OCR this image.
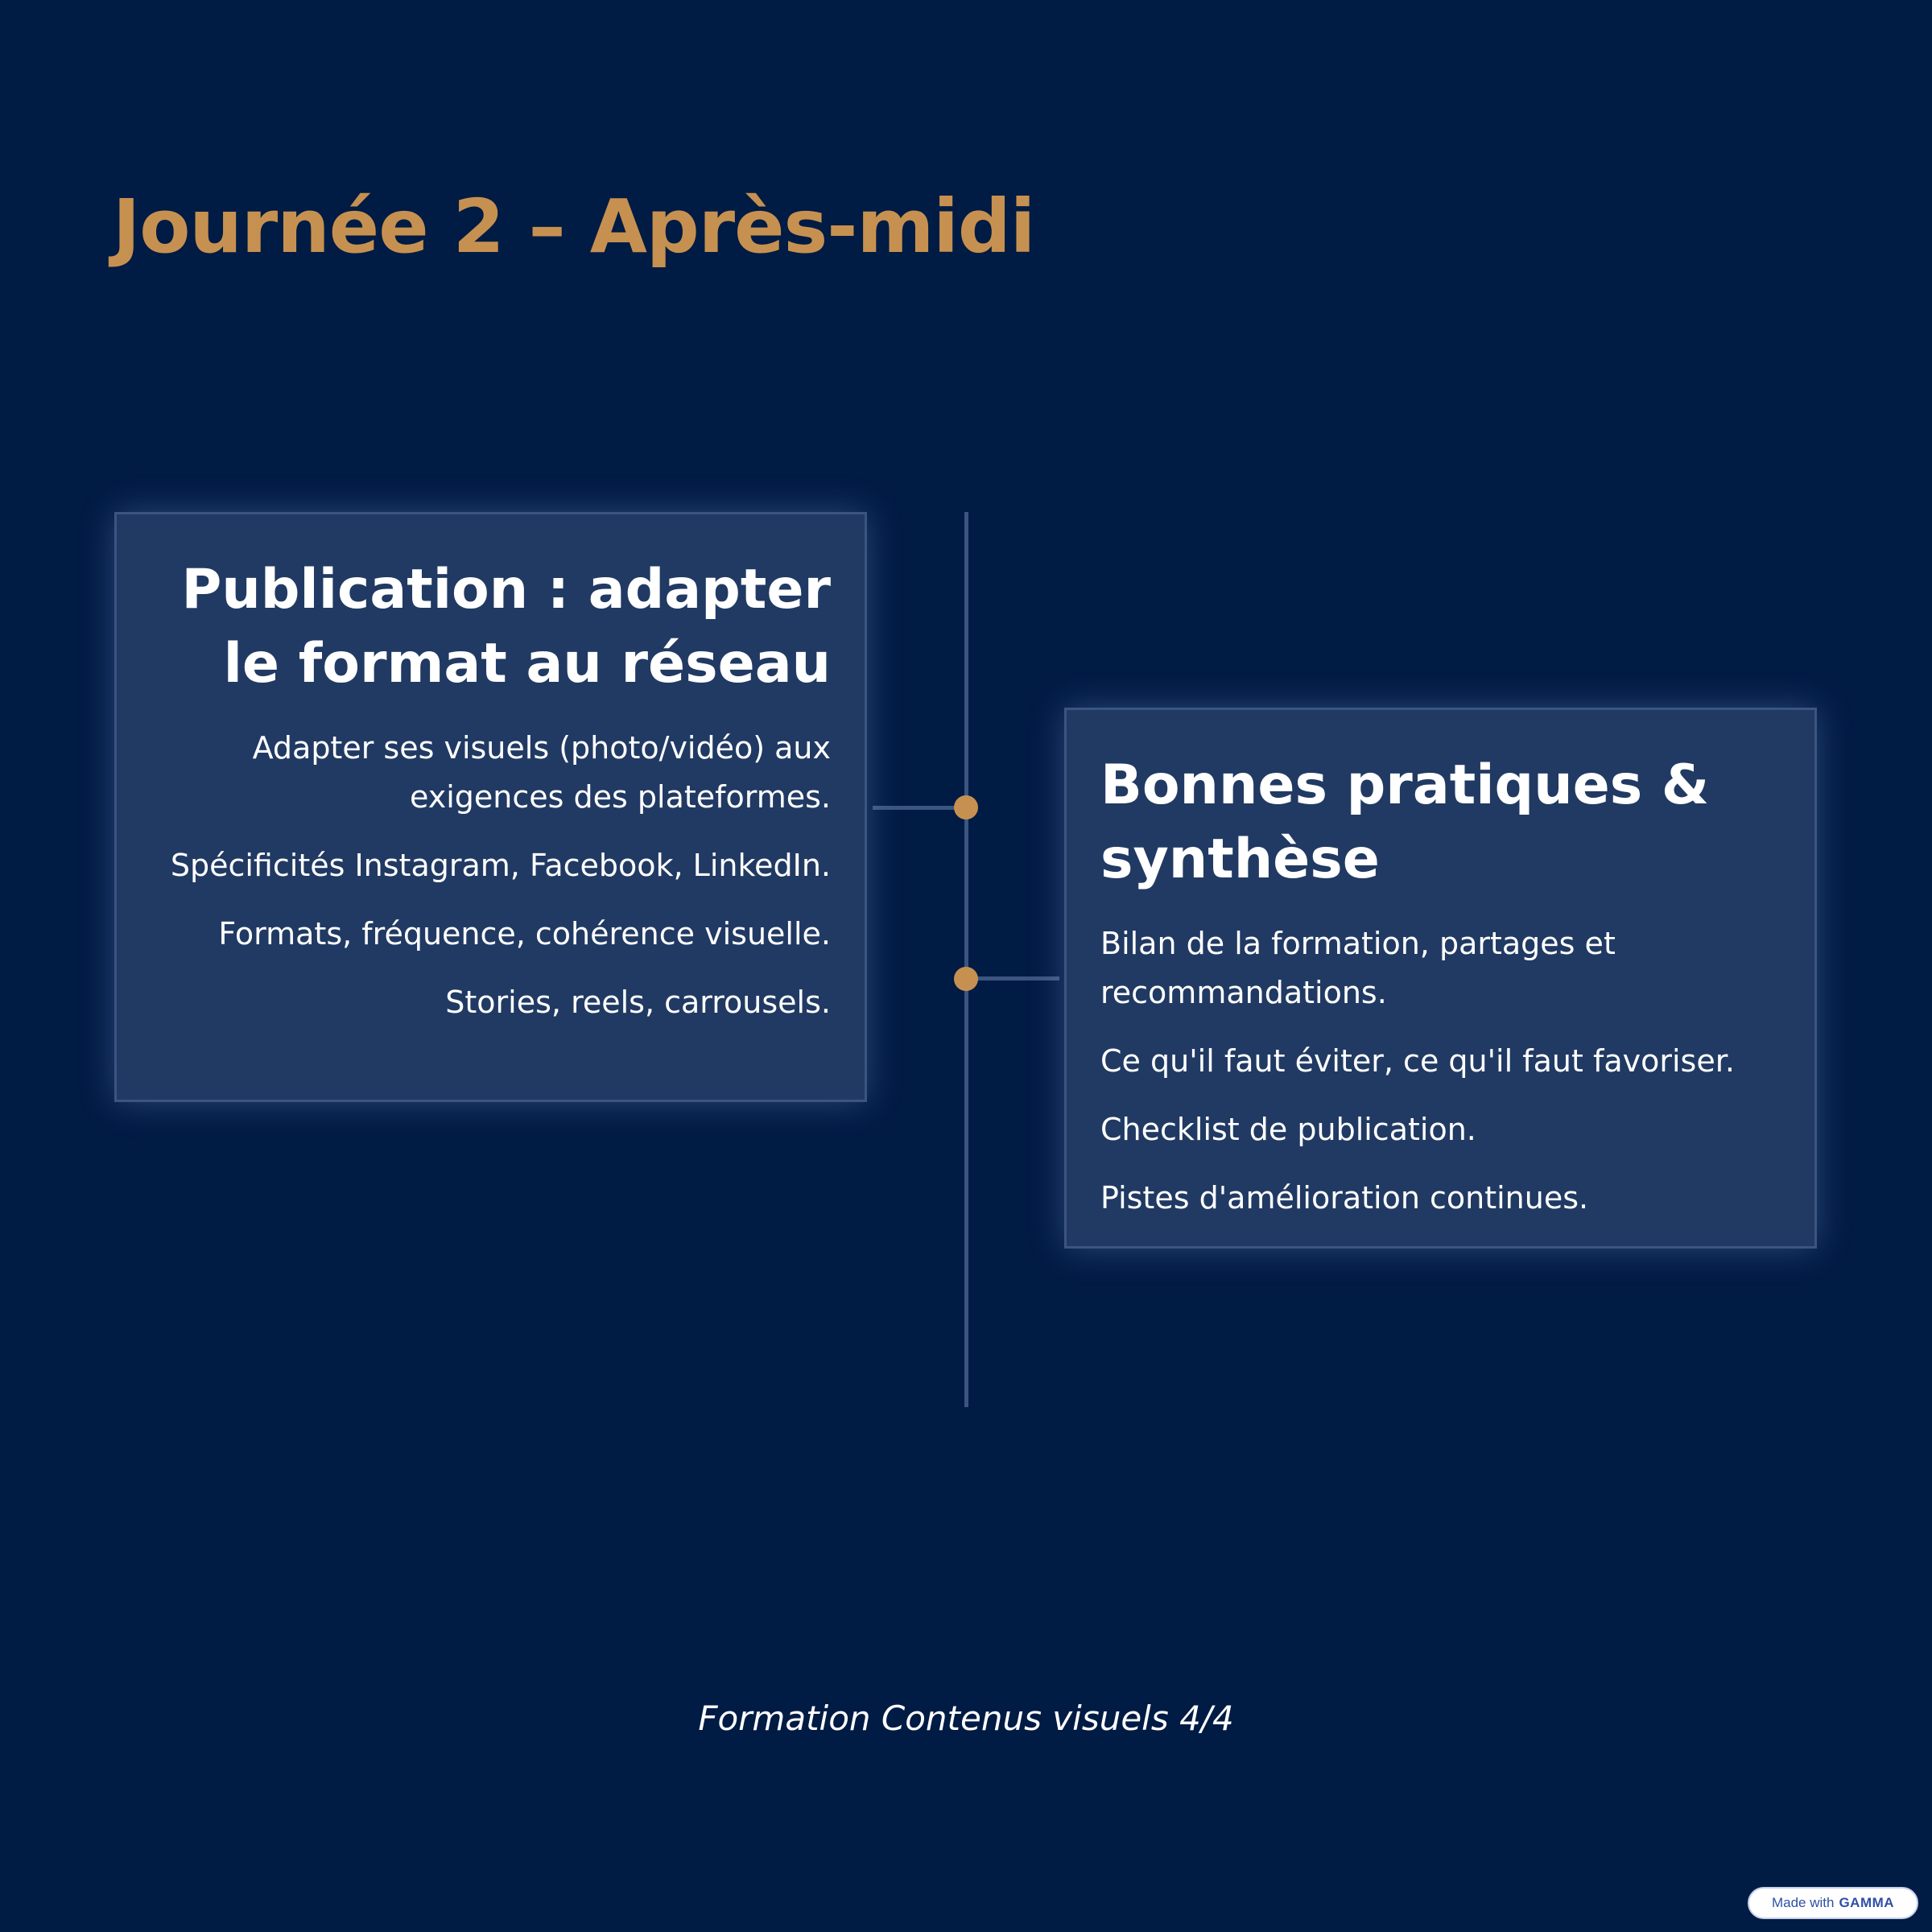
Journée 2 – Après-midi
Publication : adapter le format au réseau
Adapter ses visuels (photo/vidéo) aux exigences des plateformes.
Spécificités Instagram, Facebook, LinkedIn.
Formats, fréquence, cohérence visuelle.
Stories, reels, carrousels.
Bonnes pratiques & synthèse
Bilan de la formation, partages et recommandations.
Ce qu'il faut éviter, ce qu'il faut favoriser.
Checklist de publication.
Pistes d'amélioration continues.
Formation Contenus visuels 4/4
Made with GAMMA
